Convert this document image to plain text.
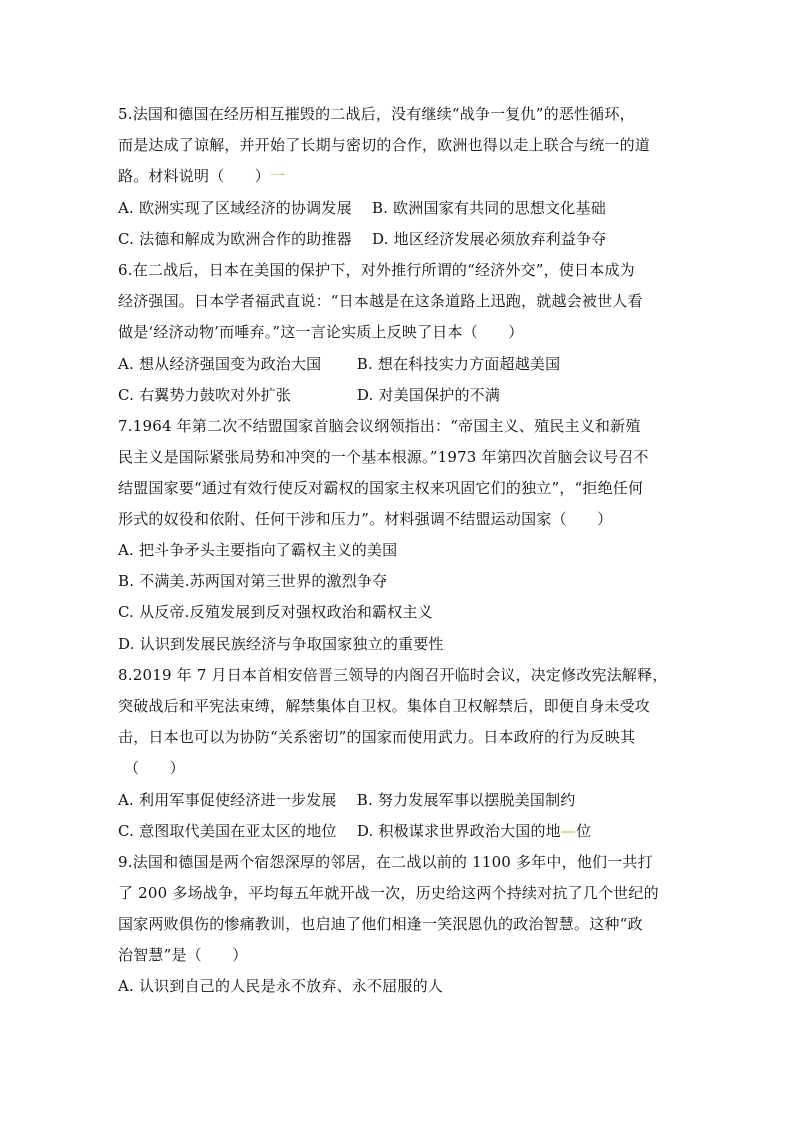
5.法国和德国在经历相互摧毁的二战后，没有继续“战争一复仇”的恶性循环，
而是达成了谅解，并开始了长期与密切的合作，欧洲也得以走上联合与统一的道
路。材料说明（　　）一
A. 欧洲实现了区域经济的协调发展　 B. 欧洲国家有共同的思想文化基础
C. 法德和解成为欧洲合作的助推器　 D. 地区经济发展必须放弃利益争夺
6.在二战后，日本在美国的保护下，对外推行所谓的“经济外交”，使日本成为
经济强国。日本学者福武直说：“日本越是在这条道路上迅跑，就越会被世人看
做是‘经济动物’而唾弃。”这一言论实质上反映了日本（　　）
A. 想从经济强国变为政治大国　　 B. 想在科技实力方面超越美国
C. 右翼势力鼓吹对外扩张　　　　 D. 对美国保护的不满
7.1964 年第二次不结盟国家首脑会议纲领指出：“帝国主义、殖民主义和新殖
民主义是国际紧张局势和冲突的一个基本根源。”1973 年第四次首脑会议号召不
结盟国家要“通过有效行使反对霸权的国家主权来巩固它们的独立”，“拒绝任何
形式的奴役和依附、任何干涉和压力”。材料强调不结盟运动国家（　　）
A. 把斗争矛头主要指向了霸权主义的美国
B. 不满美.苏两国对第三世界的激烈争夺
C. 从反帝.反殖发展到反对强权政治和霸权主义
D. 认识到发展民族经济与争取国家独立的重要性
8.2019 年 7 月日本首相安倍晋三领导的内阁召开临时会议，决定修改宪法解释，
突破战后和平宪法束缚，解禁集体自卫权。集体自卫权解禁后，即便自身未受攻
击，日本也可以为协防“关系密切”的国家而使用武力。日本政府的行为反映其
（　　）
A. 利用军事促使经济进一步发展　 B. 努力发展军事以摆脱美国制约
C. 意图取代美国在亚太区的地位　 D. 积极谋求世界政治大国的地—位
9.法国和德国是两个宿怨深厚的邻居，在二战以前的 1100 多年中，他们一共打
了 200 多场战争，平均每五年就开战一次，历史给这两个持续对抗了几个世纪的
国家两败俱伤的惨痛教训，也启迪了他们相逢一笑泯恩仇的政治智慧。这种“政
治智慧”是（　　）
A. 认识到自己的人民是永不放弃、永不屈服的人
